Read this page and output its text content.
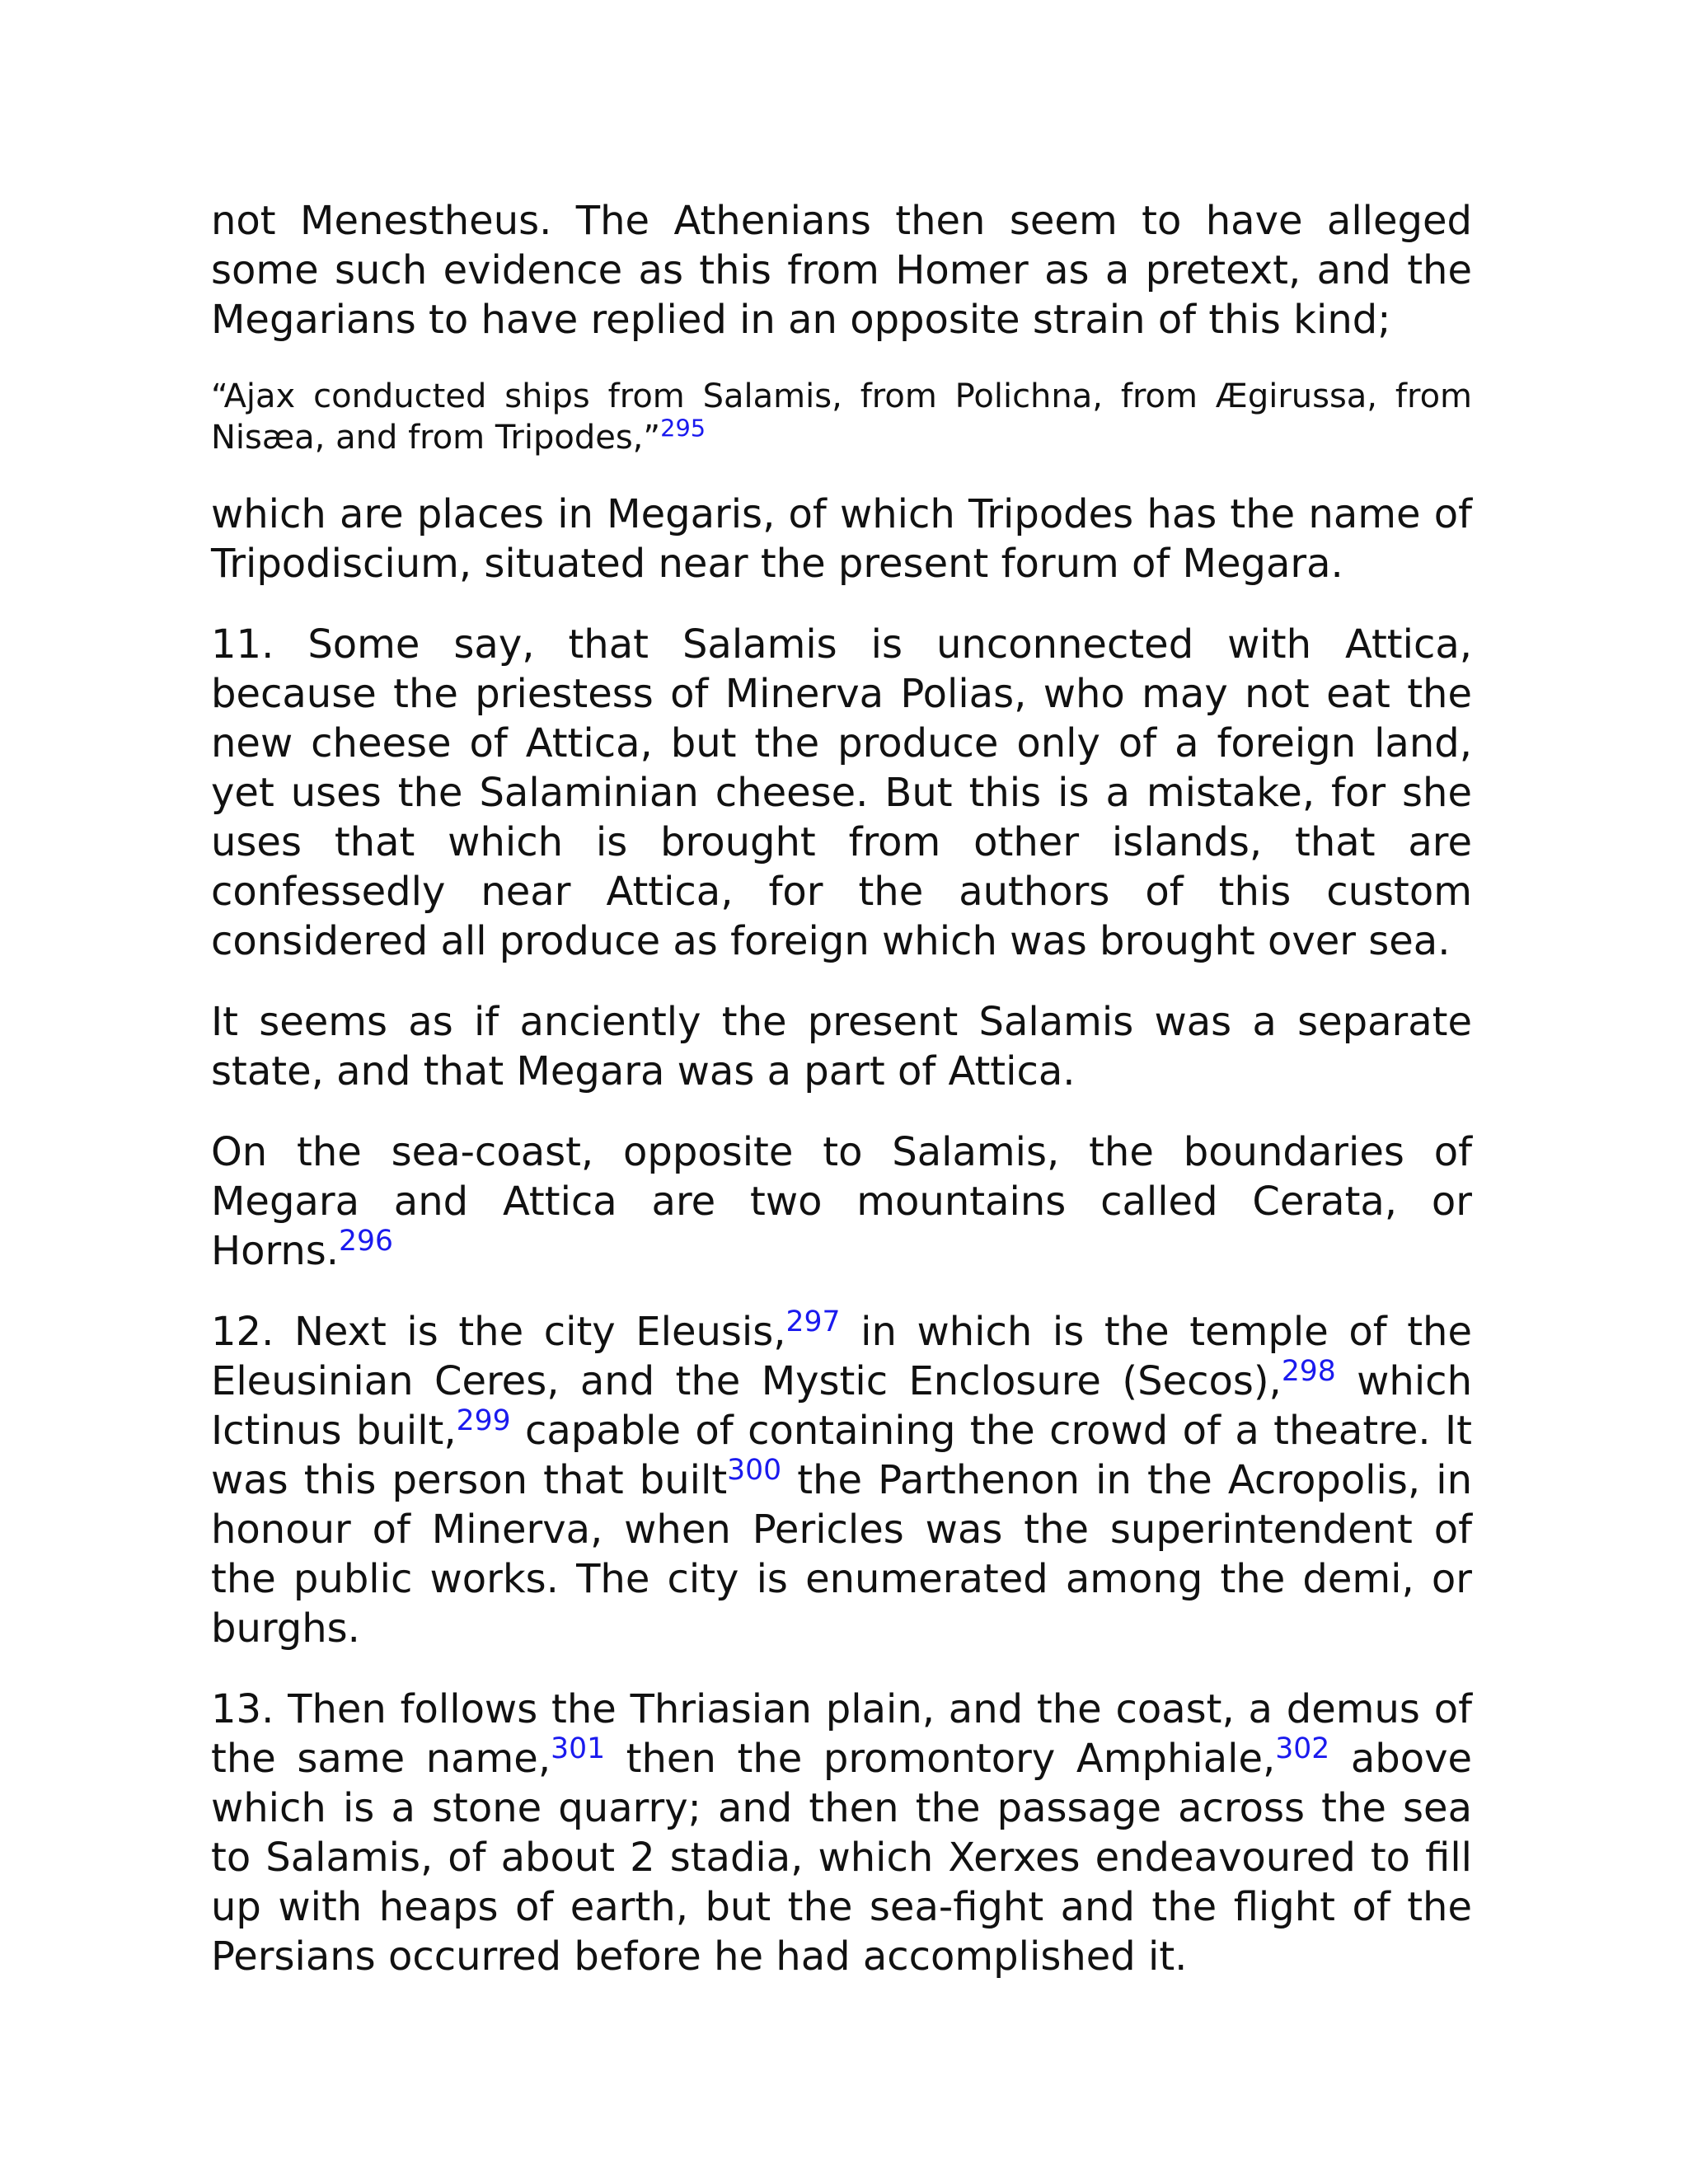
not Menestheus. The Athenians then seem to have alleged some such evidence as this from Homer as a pretext, and the Megarians to have replied in an opposite strain of this kind;

“Ajax conducted ships from Salamis, from Polichna, from Ægirussa, from Nisæa, and from Tripodes,”$^{295}$

which are places in Megaris, of which Tripodes has the name of Tripodiscium, situated near the present forum of Megara.

11. Some say, that Salamis is unconnected with Attica, because the priestess of Minerva Polias, who may not eat the new cheese of Attica, but the produce only of a foreign land, yet uses the Salaminian cheese. But this is a mistake, for she uses that which is brought from other islands, that are confessedly near Attica, for the authors of this custom considered all produce as foreign which was brought over sea.

It seems as if anciently the present Salamis was a separate state, and that Megara was a part of Attica.

On the sea-coast, opposite to Salamis, the boundaries of Megara and Attica are two mountains called Cerata, or Horns.$^{296}$

12. Next is the city Eleusis,$^{297}$ in which is the temple of the Eleusinian Ceres, and the Mystic Enclosure (Secos),$^{298}$ which Ictinus built,$^{299}$ capable of containing the crowd of a theatre. It was this person that built$^{300}$ the Parthenon in the Acropolis, in honour of Minerva, when Pericles was the superintendent of the public works. The city is enumerated among the demi, or burghs.

13. Then follows the Thriasian plain, and the coast, a demus of the same name,$^{301}$ then the promontory Amphiale,$^{302}$ above which is a stone quarry; and then the passage across the sea to Salamis, of about 2 stadia, which Xerxes endeavoured to fill up with heaps of earth, but the sea-fight and the flight of the Persians occurred before he had accomplished it.
